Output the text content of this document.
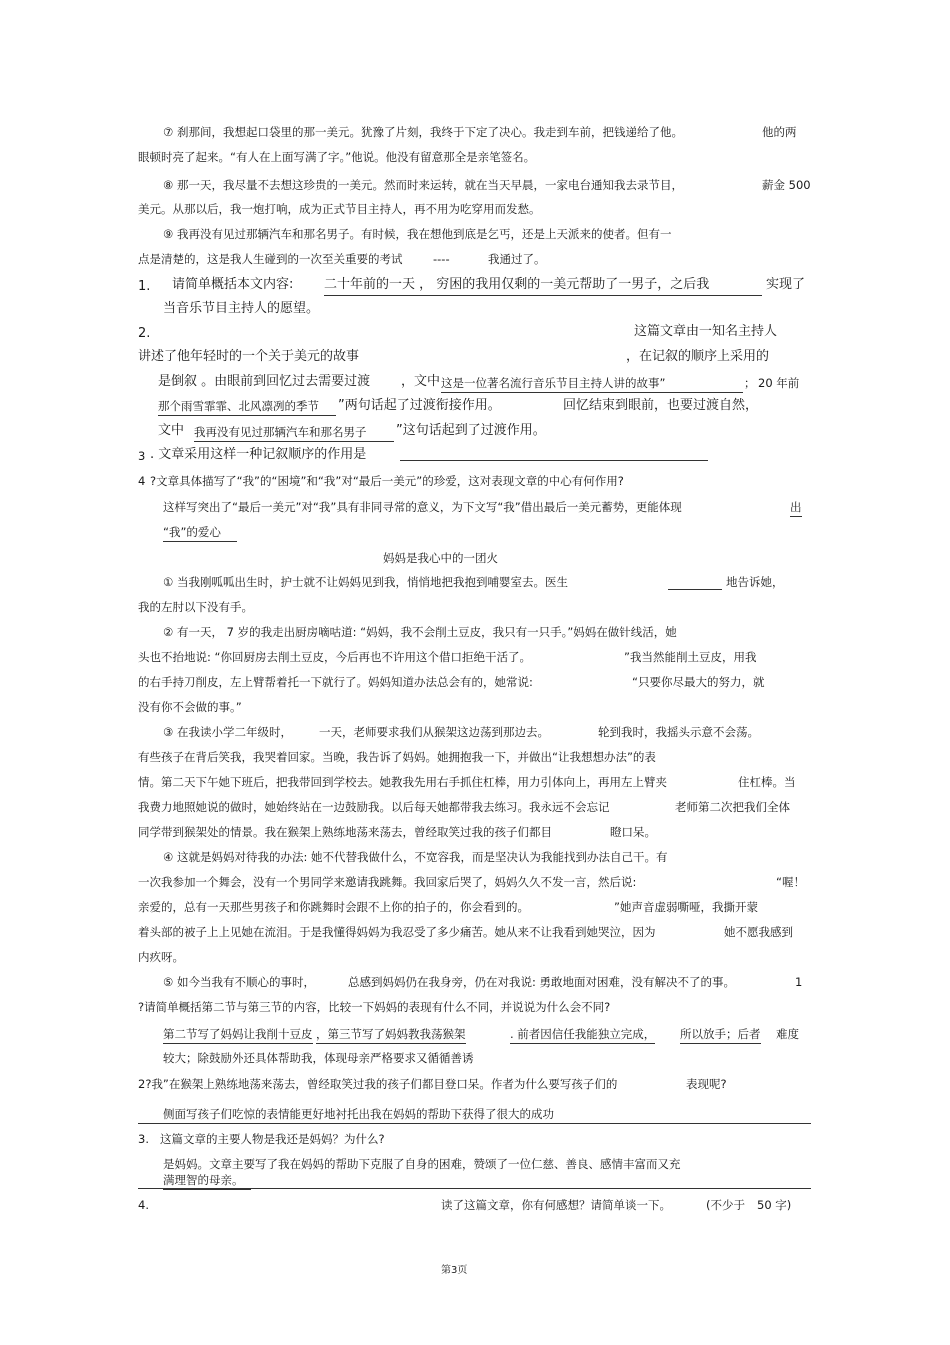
⑦ 刹那间，我想起口袋里的那一美元。犹豫了片刻，我终于下定了决心。我走到车前，把钱递给了他。	他的两
眼顿时亮了起来。“有人在上面写满了字。”他说。他没有留意那全是亲笔签名。
⑧ 那一天，我尽量不去想这珍贵的一美元。然而时来运转，就在当天早晨，一家电台通知我去录节目，	薪金 500
美元。从那以后，我一炮打响，成为正式节目主持人，再不用为吃穿用而发愁。
⑨ 我再没有见过那辆汽车和那名男子。有时候，我在想他到底是乞丐，还是上天派来的使者。但有一
点是清楚的，这是我人生碰到的一次至关重要的考试	----	我通过了。
1. 请简单概括本文内容: 二十年前的一天 ， 穷困的我用仅剩的一美元帮助了一男子，之后我	实现了
当音乐节目主持人的愿望。
2.	这篇文章由一知名主持人
讲述了他年轻时的一个关于美元的故事	，在记叙的顺序上采用的
是倒叙 。由眼前到回忆过去需要过渡 ，文中 这是一位著名流行音乐节目主持人讲的故事”	； 20 年前
那个雨雪霏霏、北风凛冽的季节	”两句话起了过渡衔接作用。	回忆结束到眼前，也要过渡自然，
文中 我再没有见过那辆汽车和那名男子	”这句话起到了过渡作用。
3 . 文章采用这样一种记叙顺序的作用是
4 ?文章具体描写了“我”的“困境”和“我”对“最后一美元”的珍爱，这对表现文章的中心有何作用?
这样写突出了“最后一美元”对“我”具有非同寻常的意义，为下文写“我”借出最后一美元蓄势，更能体现	出
“我”的爱心
妈妈是我心中的一团火
① 当我刚呱呱出生时，护士就不让妈妈见到我，悄悄地把我抱到哺婴室去。医生	地告诉她，
我的左肘以下没有手。
② 有一天， 7 岁的我走出厨房嘀咕道: “妈妈，我不会削土豆皮，我只有一只手。”妈妈在做针线活，她
头也不抬地说: “你回厨房去削土豆皮，今后再也不许用这个借口拒绝干活了。	”我当然能削土豆皮，用我
的右手持刀削皮，左上臂帮着托一下就行了。妈妈知道办法总会有的，她常说:	“只要你尽最大的努力，就
没有你不会做的事。”
③ 在我读小学二年级时， 一天，老师要求我们从猴架这边荡到那边去。	轮到我时，我摇头示意不会荡。
有些孩子在背后笑我，我哭着回家。当晚，我告诉了妈妈。她拥抱我一下，并做出“让我想想办法”的表
情。第二天下午她下班后，把我带回到学校去。她教我先用右手抓住杠棒，用力引体向上，再用左上臂夹	住杠棒。当
我费力地照她说的做时，她始终站在一边鼓励我。以后每天她都带我去练习。我永远不会忘记	老师第二次把我们全体
同学带到猴架处的情景。我在猴架上熟练地荡来荡去，曾经取笑过我的孩子们都目	瞪口呆。
④ 这就是妈妈对待我的办法: 她不代替我做什么，不宽容我，而是坚决认为我能找到办法自己干。有
一次我参加一个舞会，没有一个男同学来邀请我跳舞。我回家后哭了，妈妈久久不发一言，然后说:	“喔！
亲爱的，总有一天那些男孩子和你跳舞时会跟不上你的拍子的，你会看到的。	”她声音虚弱嘶哑，我撕开蒙
着头部的被子上上见她在流泪。于是我懂得妈妈为我忍受了多少痛苦。她从来不让我看到她哭泣，因为	她不愿我感到
内疚呀。
⑤ 如今当我有不顺心的事时，	总感到妈妈仍在我身旁，仍在对我说: 勇敢地面对困难，没有解决不了的事。	1
?请简单概括第二节与第三节的内容，比较一下妈妈的表现有什么不同，并说说为什么会不同?
第二节写了妈妈让我削十豆皮 ，第三节写了妈妈教我荡猴架	. 前者因信任我能独立完成， 所以放手；后者 难度
较大；除鼓励外还具体帮助我，体现母亲严格要求又循循善诱
2?我”在猴架上熟练地荡来荡去，曾经取笑过我的孩子们都目登口呆。作者为什么要写孩子们的	表现呢?
侧面写孩子们吃惊的表情能更好地衬托出我在妈妈的帮助下获得了很大的成功
3. 这篇文章的主要人物是我还是妈妈？为什么?
是妈妈。文章主要写了我在妈妈的帮助下克服了自身的困难，赞颂了一位仁慈、善良、感情丰富而又充
满理智的母亲。
4.	读了这篇文章，你有何感想？请简单谈一下。	(不少于 50 字)
第3页
